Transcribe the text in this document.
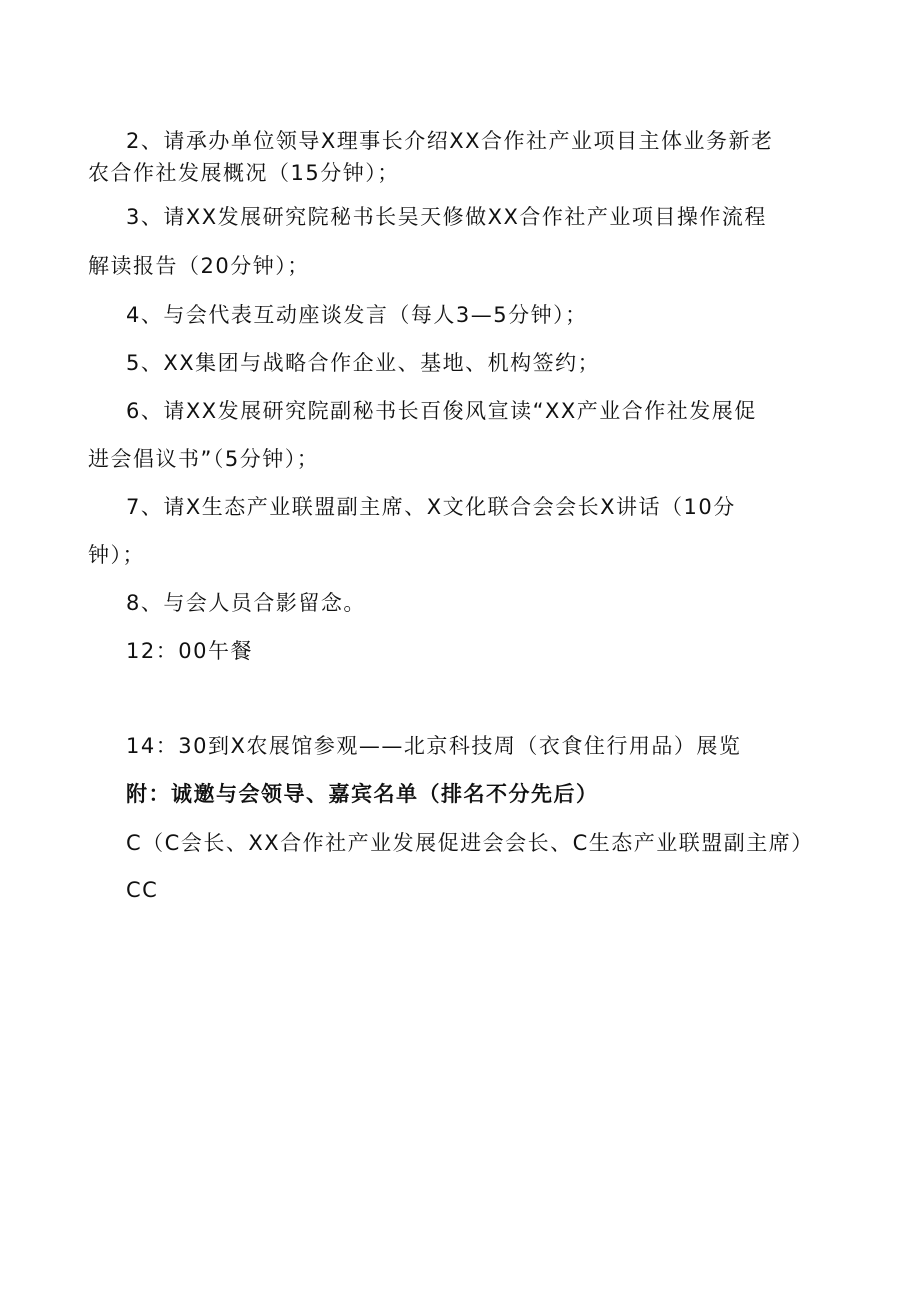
2、请承办单位领导X理事长介绍XX合作社产业项目主体业务新老
农合作社发展概况（15分钟）；
3、请XX发展研究院秘书长吴天修做XX合作社产业项目操作流程
解读报告（20分钟）；
4、与会代表互动座谈发言（每人3—5分钟）；
5、XX集团与战略合作企业、基地、机构签约；
6、请XX发展研究院副秘书长百俊风宣读“XX产业合作社发展促
进会倡议书”（5分钟）；
7、请X生态产业联盟副主席、X文化联合会会长X讲话（10分
钟）；
8、与会人员合影留念。
12：00午餐
14：30到X农展馆参观——北京科技周（衣食住行用品）展览
附：诚邀与会领导、嘉宾名单（排名不分先后）
C（C会长、XX合作社产业发展促进会会长、C生态产业联盟副主席）
CC
